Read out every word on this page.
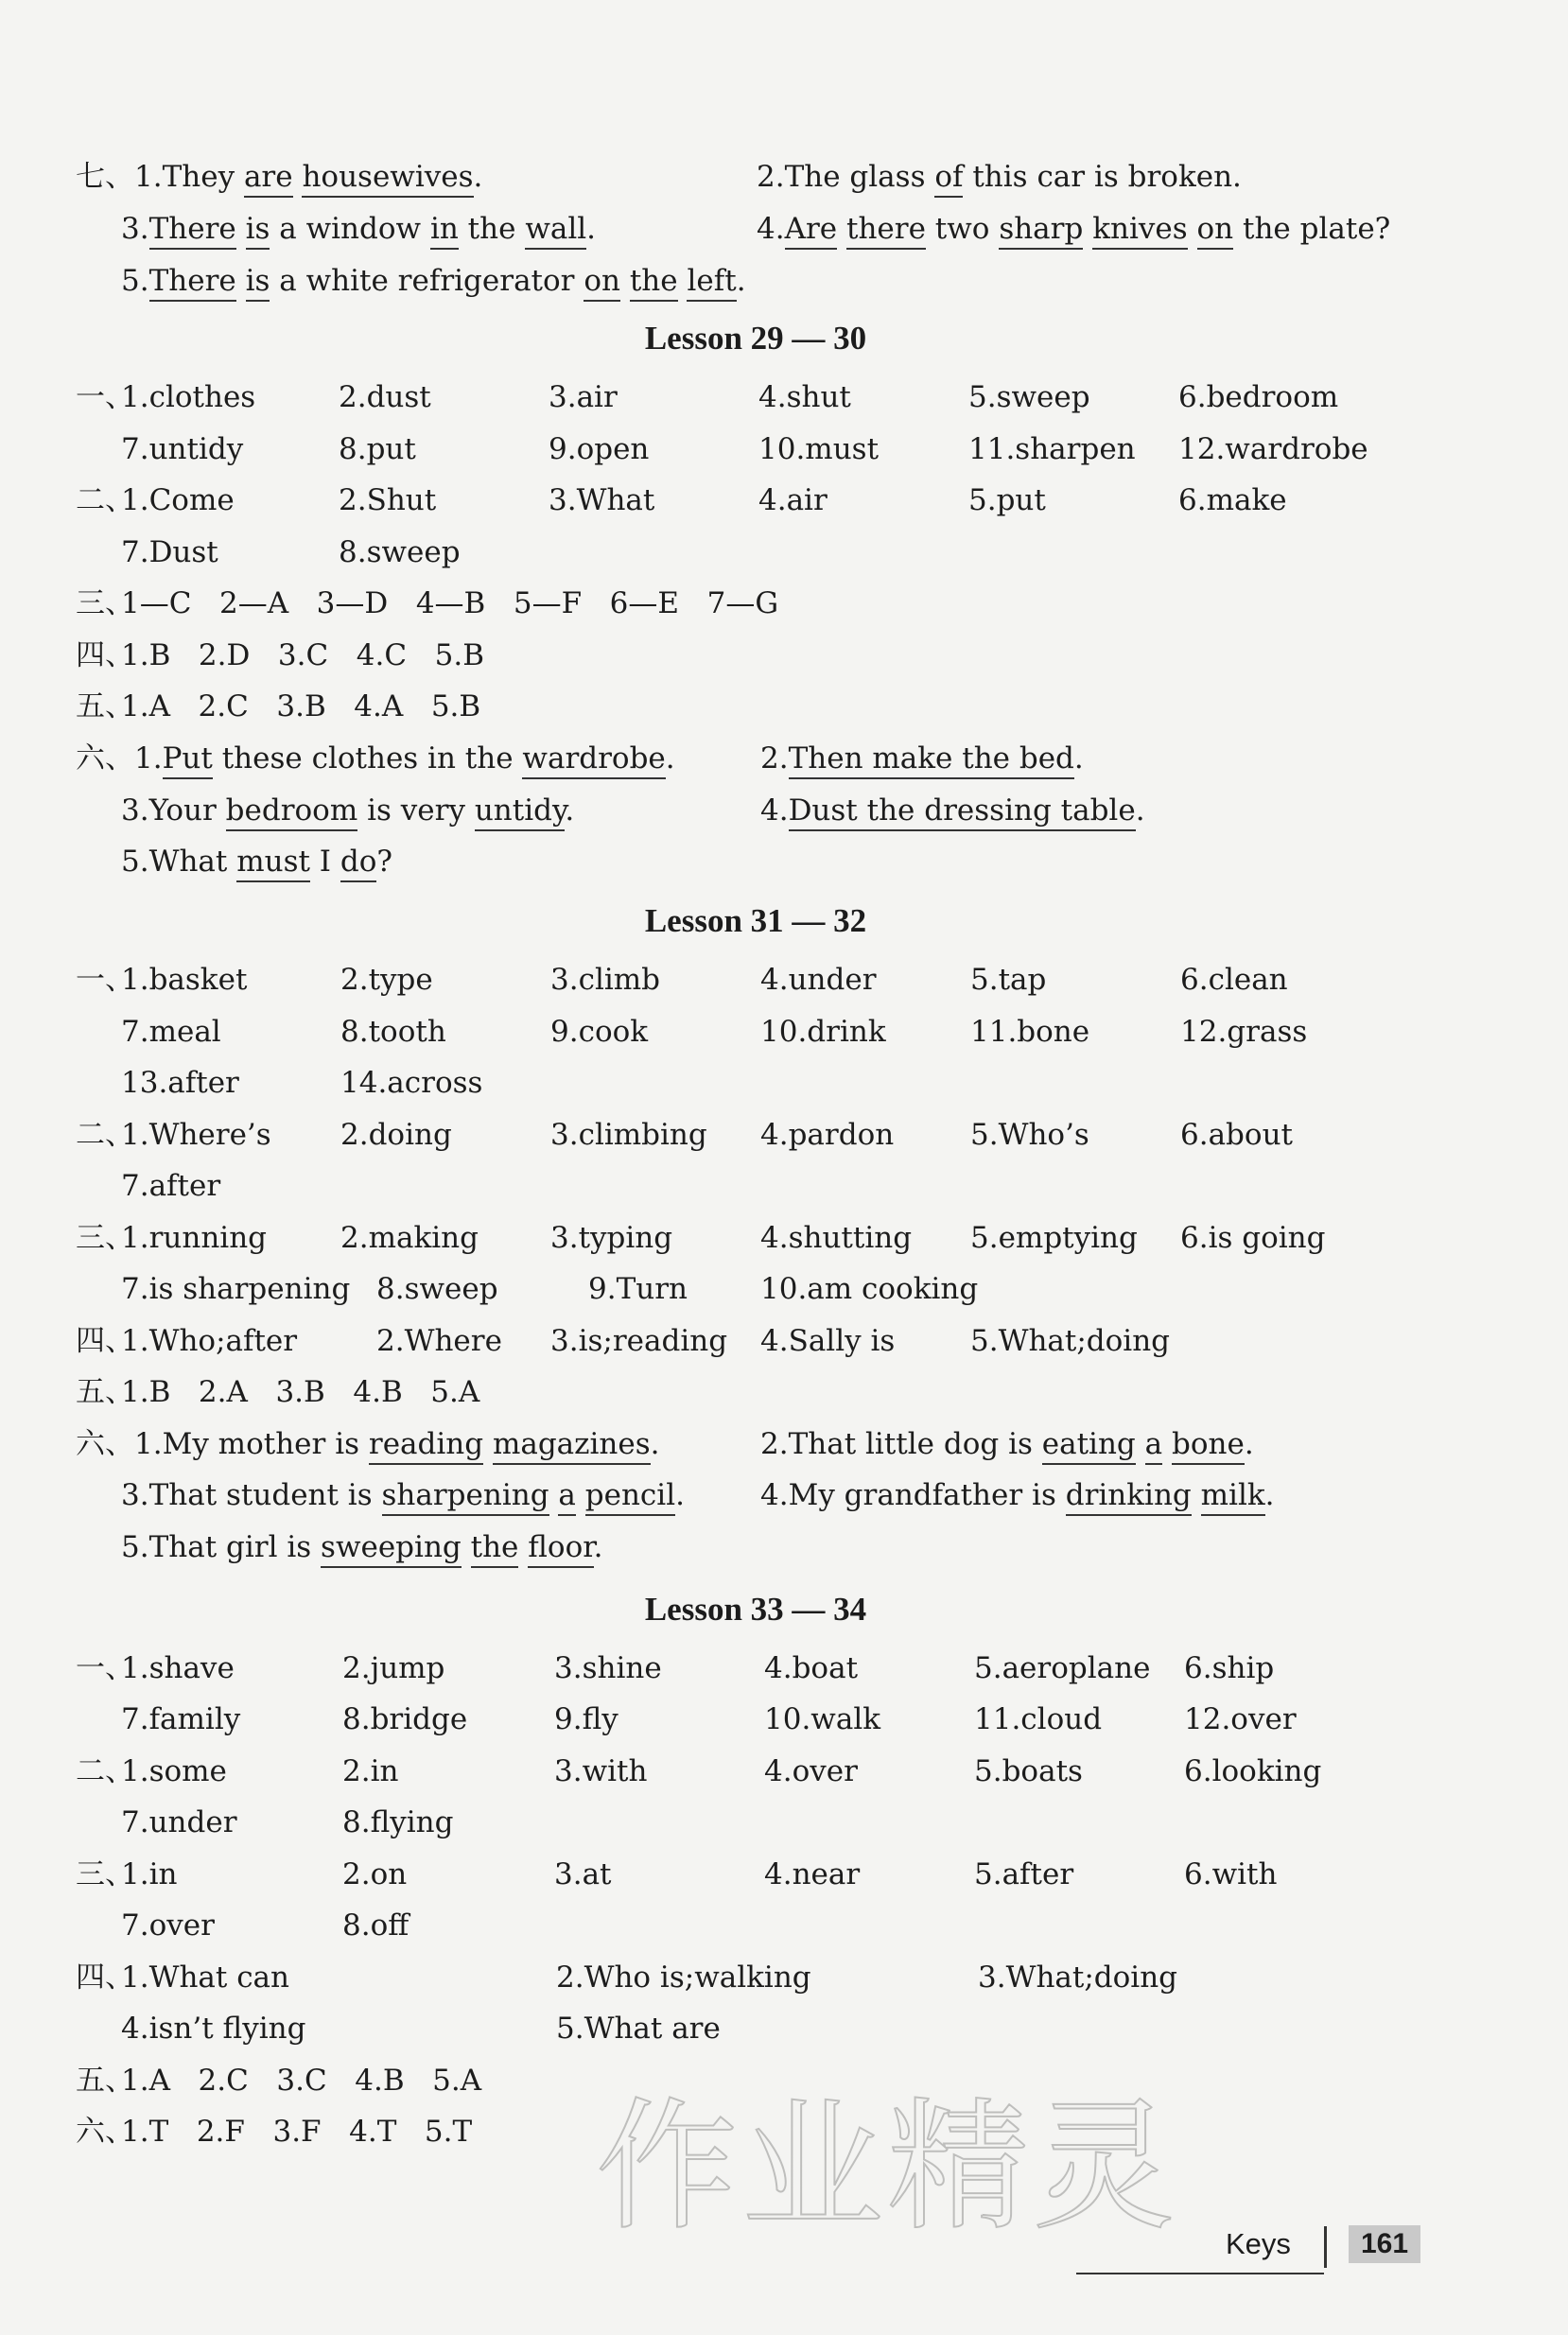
七、1.They are housewives.	2.The glass of this car is broken.
3.There is a window in the wall.	4.Are there two sharp knives on the plate?
5.There is a white refrigerator on the left.
Lesson 29 — 30
一、
1.clothes	2.dust	3.air	4.shut	5.sweep	6.bedroom
7.untidy	8.put	9.open	10.must	11.sharpen 12.wardrobe
二、
1.Come	2.Shut	3.What	4.air	5.put	6.make
7.Dust	8.sweep
三、
1—C   2—A   3—D   4—B   5—F   6—E   7—G
四、
1.B   2.D   3.C   4.C   5.B
五、
1.A   2.C   3.B   4.A   5.B
六、1.Put these clothes in the wardrobe.	2.Then make the bed.
3.Your bedroom is very untidy.	4.Dust the dressing table.
5.What must I do?
Lesson 31 — 32
一、
1.basket	2.type	3.climb	4.under	5.tap	6.clean
7.meal	8.tooth	9.cook	10.drink	11.bone	12.grass
13.after	14.across
二、
1.Where’s 2.doing	3.climbing 4.pardon	5.Who’s	6.about
7.after
三、
1.running	2.making 3.typing	4.shutting 5.emptying 6.is going
7.is sharpening 8.sweep	9.Turn 10.am cooking
四、
1.Who;after	2.Where 3.is;reading 4.Sally is	5.What;doing
五、
1.B   2.A   3.B   4.B   5.A
六、1.My mother is reading magazines.	2.That little dog is eating a bone.
3.That student is sharpening a pencil.	4.My grandfather is drinking milk.
5.That girl is sweeping the floor.
Lesson 33 — 34
一、
1.shave	2.jump	3.shine	4.boat	5.aeroplane 6.ship
7.family	8.bridge	9.fly	10.walk	11.cloud	12.over
二、
1.some	2.in	3.with	4.over	5.boats	6.looking
7.under	8.flying
三、
1.in	2.on	3.at	4.near	5.after	6.with
7.over	8.off
四、
1.What can	2.Who is;walking	3.What;doing
4.isn’t flying	5.What are
五、
1.A   2.C   3.C   4.B   5.A
六、
1.T   2.F   3.F   4.T   5.T 作业精灵 Keys	161
